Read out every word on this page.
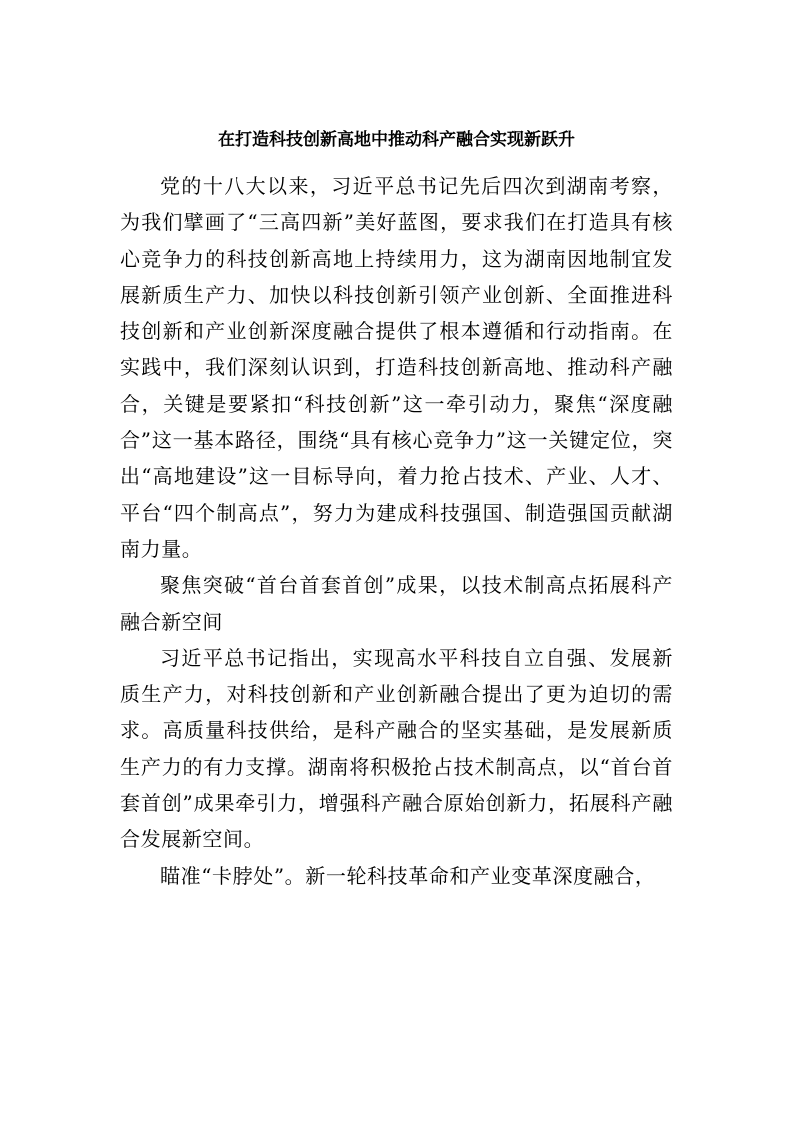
在打造科技创新高地中推动科产融合实现新跃升

党的十八大以来，习近平总书记先后四次到湖南考察，为我们擘画了“三高四新”美好蓝图，要求我们在打造具有核心竞争力的科技创新高地上持续用力，这为湖南因地制宜发展新质生产力、加快以科技创新引领产业创新、全面推进科技创新和产业创新深度融合提供了根本遵循和行动指南。在实践中，我们深刻认识到，打造科技创新高地、推动科产融合，关键是要紧扣“科技创新”这一牵引动力，聚焦“深度融合”这一基本路径，围绕“具有核心竞争力”这一关键定位，突出“高地建设”这一目标导向，着力抢占技术、产业、人才、平台“四个制高点”，努力为建成科技强国、制造强国贡献湖南力量。

聚焦突破“首台首套首创”成果，以技术制高点拓展科产融合新空间

习近平总书记指出，实现高水平科技自立自强、发展新质生产力，对科技创新和产业创新融合提出了更为迫切的需求。高质量科技供给，是科产融合的坚实基础，是发展新质生产力的有力支撑。湖南将积极抢占技术制高点，以“首台首套首创”成果牵引力，增强科产融合原始创新力，拓展科产融合发展新空间。

瞄准“卡脖处”。新一轮科技革命和产业变革深度融合，
